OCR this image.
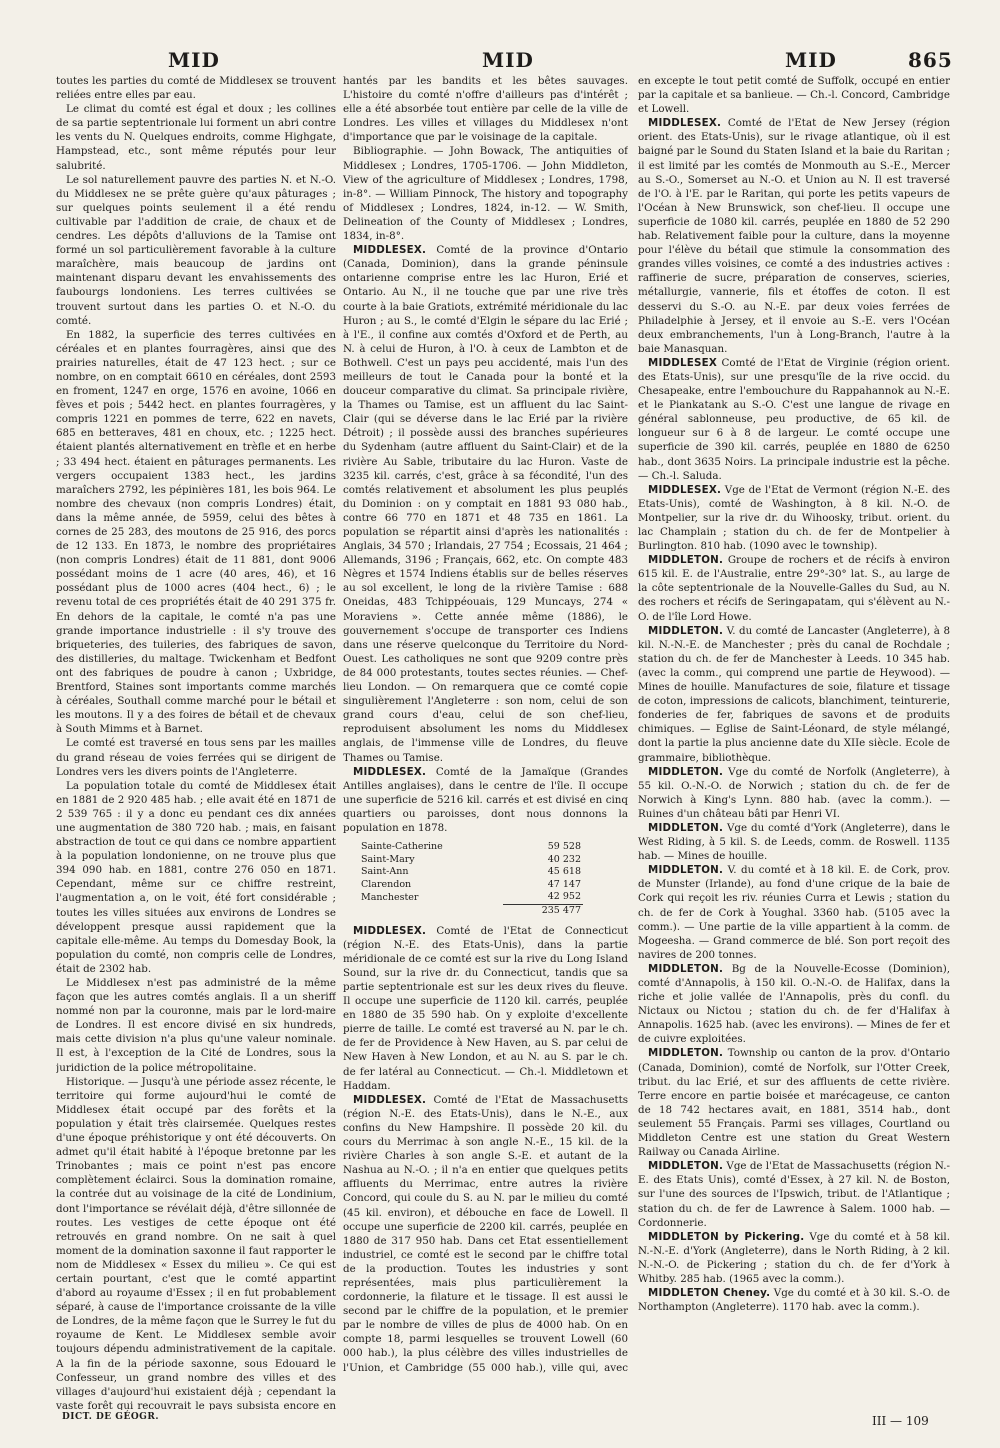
MID	MID	MID	865

toutes les parties du comté de Middlesex se trouvent reliées entre elles par eau.

Le climat du comté est égal et doux ; les collines de sa partie septentrionale lui forment un abri contre les vents du N. Quelques endroits, comme Highgate, Hampstead, etc., sont même réputés pour leur salubrité.

Le sol naturellement pauvre des parties N. et N.-O. du Middlesex ne se prête guère qu'aux pâturages ; sur quelques points seulement il a été rendu cultivable par l'addition de craie, de chaux et de cendres. Les dépôts d'alluvions de la Tamise ont formé un sol particulièrement favorable à la culture maraîchère, mais beaucoup de jardins ont maintenant disparu devant les envahissements des faubourgs londoniens. Les terres cultivées se trouvent surtout dans les parties O. et N.-O. du comté.

En 1882, la superficie des terres cultivées en céréales et en plantes fourragères, ainsi que des prairies naturelles, était de 47 123 hect. ; sur ce nombre, on en comptait 6610 en céréales, dont 2593 en froment, 1247 en orge, 1576 en avoine, 1066 en fèves et pois ; 5442 hect. en plantes fourragères, y compris 1221 en pommes de terre, 622 en navets, 685 en betteraves, 481 en choux, etc. ; 1225 hect. étaient plantés alternativement en trèfle et en herbe ; 33 494 hect. étaient en pâturages permanents. Les vergers occupaient 1383 hect., les jardins maraîchers 2792, les pépinières 181, les bois 964. Le nombre des chevaux (non compris Londres) était, dans la même année, de 5959, celui des bêtes à cornes de 25 283, des moutons de 25 916, des porcs de 12 133. En 1873, le nombre des propriétaires (non compris Londres) était de 11 881, dont 9006 possédant moins de 1 acre (40 ares, 46), et 16 possédant plus de 1000 acres (404 hect., 6) ; le revenu total de ces propriétés était de 40 291 375 fr. En dehors de la capitale, le comté n'a pas une grande importance industrielle : il s'y trouve des briqueteries, des tuileries, des fabriques de savon, des distilleries, du maltage. Twickenham et Bedfont ont des fabriques de poudre à canon ; Uxbridge, Brentford, Staines sont importants comme marchés à céréales, Southall comme marché pour le bétail et les moutons. Il y a des foires de bétail et de chevaux à South Mimms et à Barnet.

Le comté est traversé en tous sens par les mailles du grand réseau de voies ferrées qui se dirigent de Londres vers les divers points de l'Angleterre.

La population totale du comté de Middlesex était en 1881 de 2 920 485 hab. ; elle avait été en 1871 de 2 539 765 : il y a donc eu pendant ces dix années une augmentation de 380 720 hab. ; mais, en faisant abstraction de tout ce qui dans ce nombre appartient à la population londonienne, on ne trouve plus que 394 090 hab. en 1881, contre 276 050 en 1871. Cependant, même sur ce chiffre restreint, l'augmentation a, on le voit, été fort considérable ; toutes les villes situées aux environs de Londres se développent presque aussi rapidement que la capitale elle-même. Au temps du Domesday Book, la population du comté, non compris celle de Londres, était de 2302 hab.

Le Middlesex n'est pas administré de la même façon que les autres comtés anglais. Il a un sheriff nommé non par la couronne, mais par le lord-maire de Londres. Il est encore divisé en six hundreds, mais cette division n'a plus qu'une valeur nominale. Il est, à l'exception de la Cité de Londres, sous la juridiction de la police métropolitaine.

Historique. — Jusqu'à une période assez récente, le territoire qui forme aujourd'hui le comté de Middlesex était occupé par des forêts et la population y était très clairsemée. Quelques restes d'une époque préhistorique y ont été découverts. On admet qu'il était habité à l'époque bretonne par les Trinobantes ; mais ce point n'est pas encore complètement éclairci. Sous la domination romaine, la contrée dut au voisinage de la cité de Londinium, dont l'importance se révélait déjà, d'être sillonnée de routes. Les vestiges de cette époque ont été retrouvés en grand nombre. On ne sait à quel moment de la domination saxonne il faut rapporter le nom de Middlesex « Essex du milieu ». Ce qui est certain pourtant, c'est que le comté appartint d'abord au royaume d'Essex ; il en fut probablement séparé, à cause de l'importance croissante de la ville de Londres, de la même façon que le Surrey le fut du royaume de Kent. Le Middlesex semble avoir toujours dépendu administrativement de la capitale. A la fin de la période saxonne, sous Edouard le Confesseur, un grand nombre des villes et des villages d'aujourd'hui existaient déjà ; cependant la vaste forêt qui recouvrait le pays subsista encore en

hantés par les bandits et les bêtes sauvages. L'histoire du comté n'offre d'ailleurs pas d'intérêt ; elle a été absorbée tout entière par celle de la ville de Londres. Les villes et villages du Middlesex n'ont d'importance que par le voisinage de la capitale.

Bibliographie. — John Bowack, The antiquities of Middlesex ; Londres, 1705-1706. — John Middleton, View of the agriculture of Middlesex ; Londres, 1798, in-8°. — William Pinnock, The history and topography of Middlesex ; Londres, 1824, in-12. — W. Smith, Delineation of the County of Middlesex ; Londres, 1834, in-8°.

MIDDLESEX. Comté de la province d'Ontario (Canada, Dominion), dans la grande péninsule ontarienne comprise entre les lac Huron, Erié et Ontario. Au N., il ne touche que par une rive très courte à la baie Gratiots, extrémité méridionale du lac Huron ; au S., le comté d'Elgin le sépare du lac Erié ; à l'E., il confine aux comtés d'Oxford et de Perth, au N. à celui de Huron, à l'O. à ceux de Lambton et de Bothwell. C'est un pays peu accidenté, mais l'un des meilleurs de tout le Canada pour la bonté et la douceur comparative du climat. Sa principale rivière, la Thames ou Tamise, est un affluent du lac Saint-Clair (qui se déverse dans le lac Erié par la rivière Détroit) ; il possède aussi des branches supérieures du Sydenham (autre affluent du Saint-Clair) et de la rivière Au Sable, tributaire du lac Huron. Vaste de 3235 kil. carrés, c'est, grâce à sa fécondité, l'un des comtés relativement et absolument les plus peuplés du Dominion : on y comptait en 1881 93 080 hab., contre 66 770 en 1871 et 48 735 en 1861. La population se répartit ainsi d'après les nationalités : Anglais, 34 570 ; Irlandais, 27 754 ; Ecossais, 21 464 ; Allemands, 3196 ; Français, 662, etc. On compte 483 Nègres et 1574 Indiens établis sur de belles réserves au sol excellent, le long de la rivière Tamise : 688 Oneidas, 483 Tchippéouais, 129 Muncays, 274 « Moraviens ». Cette année même (1886), le gouvernement s'occupe de transporter ces Indiens dans une réserve quelconque du Territoire du Nord-Ouest. Les catholiques ne sont que 9209 contre près de 84 000 protestants, toutes sectes réunies. — Chef-lieu London. — On remarquera que ce comté copie singulièrement l'Angleterre : son nom, celui de son grand cours d'eau, celui de son chef-lieu, reproduisent absolument les noms du Middlesex anglais, de l'immense ville de Londres, du fleuve Thames ou Tamise.

MIDDLESEX. Comté de la Jamaïque (Grandes Antilles anglaises), dans le centre de l'île. Il occupe une superficie de 5216 kil. carrés et est divisé en cinq quartiers ou paroisses, dont nous donnons la population en 1878.

Sainte-Catherine	59 528
Saint-Mary	40 232
Saint-Ann	45 618
Clarendon	47 147
Manchester	42 952
	235 477

MIDDLESEX. Comté de l'Etat de Connecticut (région N.-E. des Etats-Unis), dans la partie méridionale de ce comté est sur la rive du Long Island Sound, sur la rive dr. du Connecticut, tandis que sa partie septentrionale est sur les deux rives du fleuve. Il occupe une superficie de 1120 kil. carrés, peuplée en 1880 de 35 590 hab. On y exploite d'excellente pierre de taille. Le comté est traversé au N. par le ch. de fer de Providence à New Haven, au S. par celui de New Haven à New London, et au N. au S. par le ch. de fer latéral au Connecticut. — Ch.-l. Middletown et Haddam.

MIDDLESEX. Comté de l'Etat de Massachusetts (région N.-E. des Etats-Unis), dans le N.-E., aux confins du New Hampshire. Il possède 20 kil. du cours du Merrimac à son angle N.-E., 15 kil. de la rivière Charles à son angle S.-E. et autant de la Nashua au N.-O. ; il n'a en entier que quelques petits affluents du Merrimac, entre autres la rivière Concord, qui coule du S. au N. par le milieu du comté (45 kil. environ), et débouche en face de Lowell. Il occupe une superficie de 2200 kil. carrés, peuplée en 1880 de 317 950 hab. Dans cet Etat essentiellement industriel, ce comté est le second par le chiffre total de la production. Toutes les industries y sont représentées, mais plus particulièrement la cordonnerie, la filature et le tissage. Il est aussi le second par le chiffre de la population, et le premier par le nombre de villes de plus de 4000 hab. On en compte 18, parmi lesquelles se trouvent Lowell (60 000 hab.), la plus célèbre des villes industrielles de l'Union, et Cambridge (55 000 hab.), ville qui, avec

en excepte le tout petit comté de Suffolk, occupé en entier par la capitale et sa banlieue. — Ch.-l. Concord, Cambridge et Lowell.

MIDDLESEX. Comté de l'Etat de New Jersey (région orient. des Etats-Unis), sur le rivage atlantique, où il est baigné par le Sound du Staten Island et la baie du Raritan ; il est limité par les comtés de Monmouth au S.-E., Mercer au S.-O., Somerset au N.-O. et Union au N. Il est traversé de l'O. à l'E. par le Raritan, qui porte les petits vapeurs de l'Océan à New Brunswick, son chef-lieu. Il occupe une superficie de 1080 kil. carrés, peuplée en 1880 de 52 290 hab. Relativement faible pour la culture, dans la moyenne pour l'élève du bétail que stimule la consommation des grandes villes voisines, ce comté a des industries actives : raffinerie de sucre, préparation de conserves, scieries, métallurgie, vannerie, fils et étoffes de coton. Il est desservi du S.-O. au N.-E. par deux voies ferrées de Philadelphie à Jersey, et il envoie au S.-E. vers l'Océan deux embranchements, l'un à Long-Branch, l'autre à la baie Manasquan.

MIDDLESEX Comté de l'Etat de Virginie (région orient. des Etats-Unis), sur une presqu'île de la rive occid. du Chesapeake, entre l'embouchure du Rappahannok au N.-E. et le Piankatank au S.-O. C'est une langue de rivage en général sablonneuse, peu productive, de 65 kil. de longueur sur 6 à 8 de largeur. Le comté occupe une superficie de 390 kil. carrés, peuplée en 1880 de 6250 hab., dont 3635 Noirs. La principale industrie est la pêche. — Ch.-l. Saluda.

MIDDLESEX. Vge de l'Etat de Vermont (région N.-E. des Etats-Unis), comté de Washington, à 8 kil. N.-O. de Montpelier, sur la rive dr. du Wihoosky, tribut. orient. du lac Champlain ; station du ch. de fer de Montpelier à Burlington. 810 hab. (1090 avec le township).

MIDDLETON. Groupe de rochers et de récifs à environ 615 kil. E. de l'Australie, entre 29°-30° lat. S., au large de la côte septentrionale de la Nouvelle-Galles du Sud, au N. des rochers et récifs de Seringapatam, qui s'élèvent au N.-O. de l'île Lord Howe.

MIDDLETON. V. du comté de Lancaster (Angleterre), à 8 kil. N.-N.-E. de Manchester ; près du canal de Rochdale ; station du ch. de fer de Manchester à Leeds. 10 345 hab. (avec la comm., qui comprend une partie de Heywood). — Mines de houille. Manufactures de soie, filature et tissage de coton, impressions de calicots, blanchiment, teinturerie, fonderies de fer, fabriques de savons et de produits chimiques. — Eglise de Saint-Léonard, de style mélangé, dont la partie la plus ancienne date du XIIe siècle. Ecole de grammaire, bibliothèque.

MIDDLETON. Vge du comté de Norfolk (Angleterre), à 55 kil. O.-N.-O. de Norwich ; station du ch. de fer de Norwich à King's Lynn. 880 hab. (avec la comm.). — Ruines d'un château bâti par Henri VI.

MIDDLETON. Vge du comté d'York (Angleterre), dans le West Riding, à 5 kil. S. de Leeds, comm. de Roswell. 1135 hab. — Mines de houille.

MIDDLETON. V. du comté et à 18 kil. E. de Cork, prov. de Munster (Irlande), au fond d'une crique de la baie de Cork qui reçoit les riv. réunies Curra et Lewis ; station du ch. de fer de Cork à Youghal. 3360 hab. (5105 avec la comm.). — Une partie de la ville appartient à la comm. de Mogeesha. — Grand commerce de blé. Son port reçoit des navires de 200 tonnes.

MIDDLETON. Bg de la Nouvelle-Ecosse (Dominion), comté d'Annapolis, à 150 kil. O.-N.-O. de Halifax, dans la riche et jolie vallée de l'Annapolis, près du confl. du Nictaux ou Nictou ; station du ch. de fer d'Halifax à Annapolis. 1625 hab. (avec les environs). — Mines de fer et de cuivre exploitées.

MIDDLETON. Township ou canton de la prov. d'Ontario (Canada, Dominion), comté de Norfolk, sur l'Otter Creek, tribut. du lac Erié, et sur des affluents de cette rivière. Terre encore en partie boisée et marécageuse, ce canton de 18 742 hectares avait, en 1881, 3514 hab., dont seulement 55 Français. Parmi ses villages, Courtland ou Middleton Centre est une station du Great Western Railway ou Canada Airline.

MIDDLETON. Vge de l'Etat de Massachusetts (région N.-E. des Etats Unis), comté d'Essex, à 27 kil. N. de Boston, sur l'une des sources de l'Ipswich, tribut. de l'Atlantique ; station du ch. de fer de Lawrence à Salem. 1000 hab. — Cordonnerie.

MIDDLETON by Pickering. Vge du comté et à 58 kil. N.-N.-E. d'York (Angleterre), dans le North Riding, à 2 kil. N.-N.-O. de Pickering ; station du ch. de fer d'York à Whitby. 285 hab. (1965 avec la comm.).

MIDDLETON Cheney. Vge du comté et à 30 kil. S.-O. de Northampton (Angleterre). 1170 hab. avec la comm.).

DICT. DE GÉOGR.	III — 109
